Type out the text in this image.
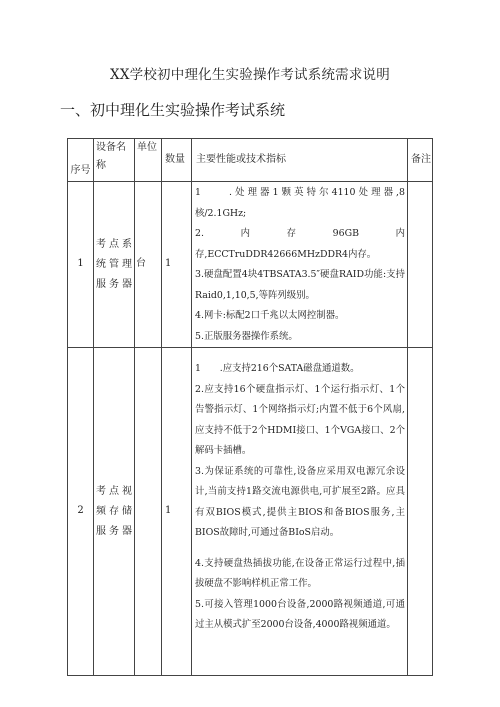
XX学校初中理化生实验操作考试系统需求说明
一、初中理化生实验操作考试系统
序号	设备名称	单位	数量	主要性能或技术指标	备注
1	考点系统管理服务器	台	1	1　　.处理器1颗英特尔4110处理器,8核/2.1GHz;
2.内存96GB内存,ECCTruDDR42666MHzDDR4内存。
3.硬盘配置4块4TBSATA3.5″硬盘RAID功能:支持Raid0,1,10,5,等阵列级别。
4.网卡:标配2口千兆以太网控制器。
5.正版服务器操作系统。	

2	考点视频存储服务器		1	1　　.应支持216个SATA磁盘通道数。
2.应支持16个硬盘指示灯、1个运行指示灯、1个告警指示灯、1个网络指示灯;内置不低于6个风扇,应支持不低于2个HDMI接口、1个VGA接口、2个解码卡插槽。
3.为保证系统的可靠性,设备应采用双电源冗余设计,当前支持1路交流电源供电,可扩展至2路。应具有双BIOS模式,提供主BIOS和备BIOS服务,主BIOS故障时,可通过备BIoS启动。
4.支持硬盘热插拔功能,在设备正常运行过程中,插拔硬盘不影响样机正常工作。
5.可接入管理1000台设备,2000路视频通道,可通过主从模式扩至2000台设备,4000路视频通道。	
